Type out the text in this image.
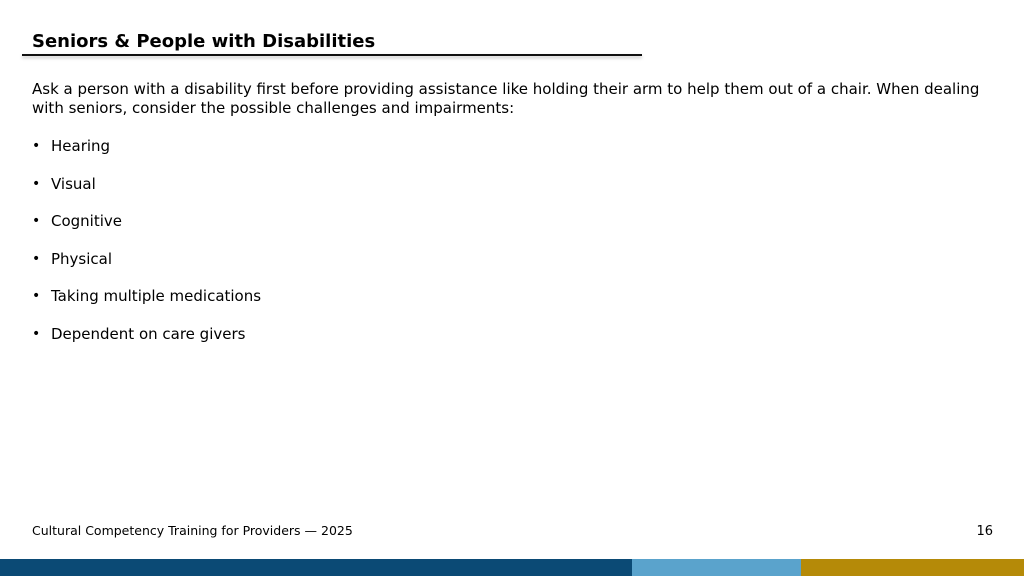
Seniors & People with Disabilities
Ask a person with a disability first before providing assistance like holding their arm to help them out of a chair. When dealing with seniors, consider the possible challenges and impairments:
• Hearing
• Visual
• Cognitive
• Physical
• Taking multiple medications
• Dependent on care givers
Cultural Competency Training for Providers — 2025	16
